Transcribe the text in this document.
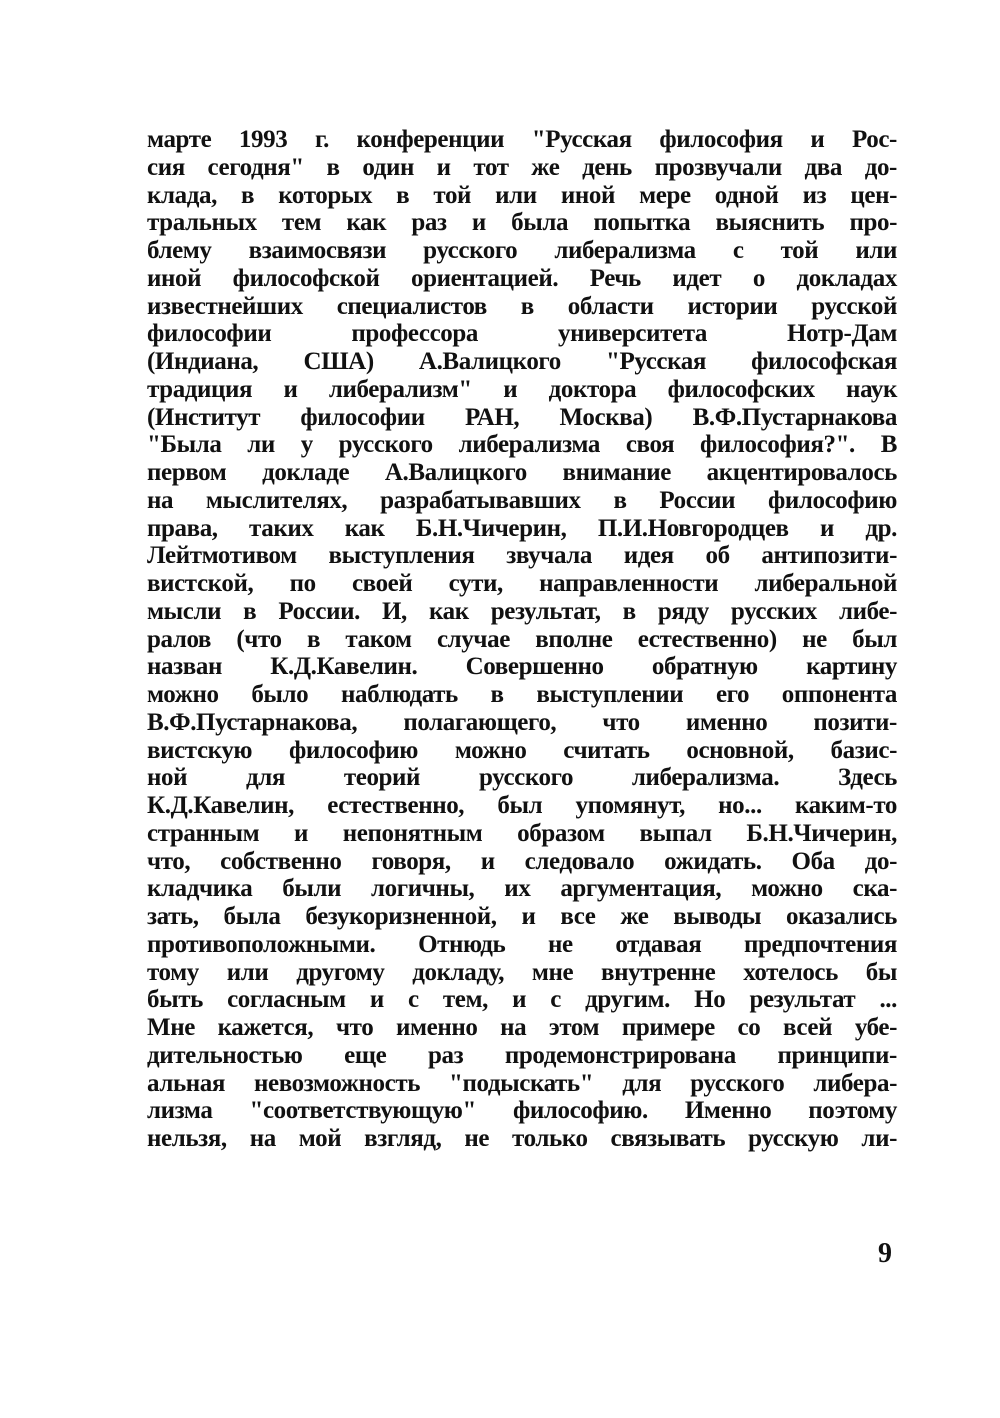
марте 1993 г. конференции "Русская философия и Рос-
сия сегодня" в один и тот же день прозвучали два до-
клада, в которых в той или иной мере одной из цен-
тральных тем как раз и была попытка выяснить про-
блему взаимосвязи русского либерализма с той или
иной философской ориентацией. Речь идет о докладах
известнейших специалистов в области истории русской
философии профессора университета Нотр-Дам
(Индиана, США) А.Валицкого "Русская философская
традиция и либерализм" и доктора философских наук
(Институт философии РАН, Москва) В.Ф.Пустарнакова
"Была ли у русского либерализма своя философия?". В
первом докладе А.Валицкого внимание акцентировалось
на мыслителях, разрабатывавших в России философию
права, таких как Б.Н.Чичерин, П.И.Новгородцев и др.
Лейтмотивом выступления звучала идея об антипозити-
вистской, по своей сути, направленности либеральной
мысли в России. И, как результат, в ряду русских либе-
ралов (что в таком случае вполне естественно) не был
назван К.Д.Кавелин. Совершенно обратную картину
можно было наблюдать в выступлении его оппонента
В.Ф.Пустарнакова, полагающего, что именно позити-
вистскую философию можно считать основной, базис-
ной для теорий русского либерализма. Здесь
К.Д.Кавелин, естественно, был упомянут, но... каким-то
странным и непонятным образом выпал Б.Н.Чичерин,
что, собственно говоря, и следовало ожидать. Оба до-
кладчика были логичны, их аргументация, можно ска-
зать, была безукоризненной, и все же выводы оказались
противоположными. Отнюдь не отдавая предпочтения
тому или другому докладу, мне внутренне хотелось бы
быть согласным и с тем, и с другим. Но результат ...
Мне кажется, что именно на этом примере со всей убе-
дительностью еще раз продемонстрирована принципи-
альная невозможность "подыскать" для русского либера-
лизма "соответствующую" философию. Именно поэтому
нельзя, на мой взгляд, не только связывать русскую ли-
9
